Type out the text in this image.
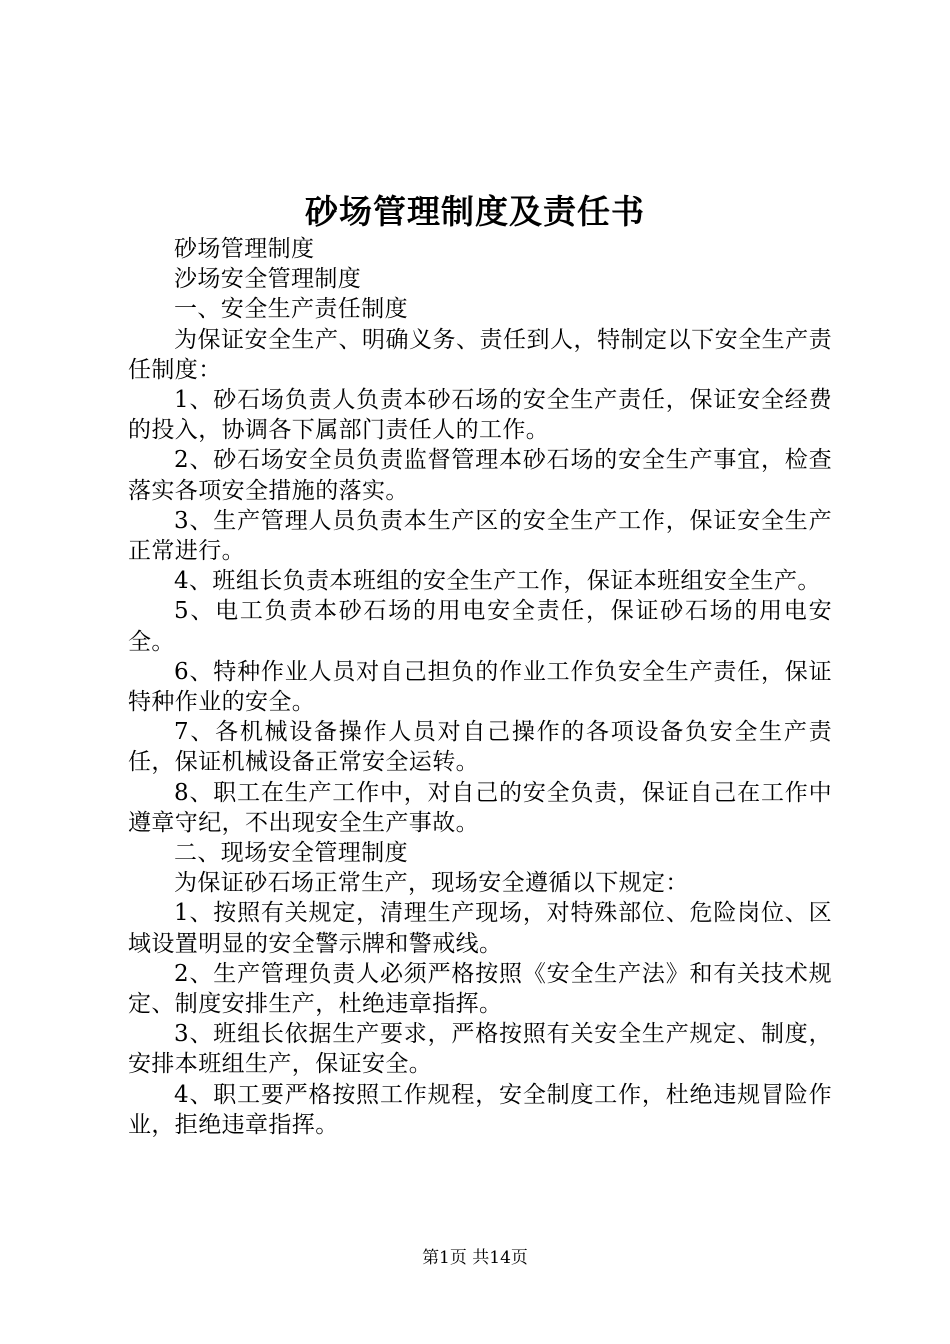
砂场管理制度及责任书

砂场管理制度

沙场安全管理制度

一、安全生产责任制度

为保证安全生产、明确义务、责任到人，特制定以下安全生产责任制度：

1、砂石场负责人负责本砂石场的安全生产责任，保证安全经费的投入，协调各下属部门责任人的工作。

2、砂石场安全员负责监督管理本砂石场的安全生产事宜，检查落实各项安全措施的落实。

3、生产管理人员负责本生产区的安全生产工作，保证安全生产正常进行。

4、班组长负责本班组的安全生产工作，保证本班组安全生产。

5、电工负责本砂石场的用电安全责任，保证砂石场的用电安全。

6、特种作业人员对自己担负的作业工作负安全生产责任，保证特种作业的安全。

7、各机械设备操作人员对自己操作的各项设备负安全生产责任，保证机械设备正常安全运转。

8、职工在生产工作中，对自己的安全负责，保证自己在工作中遵章守纪，不出现安全生产事故。

二、现场安全管理制度

为保证砂石场正常生产，现场安全遵循以下规定：

1、按照有关规定，清理生产现场，对特殊部位、危险岗位、区域设置明显的安全警示牌和警戒线。

2、生产管理负责人必须严格按照《安全生产法》和有关技术规定、制度安排生产，杜绝违章指挥。

3、班组长依据生产要求，严格按照有关安全生产规定、制度，安排本班组生产，保证安全。

4、职工要严格按照工作规程，安全制度工作，杜绝违规冒险作业，拒绝违章指挥。

第1页 共14页
